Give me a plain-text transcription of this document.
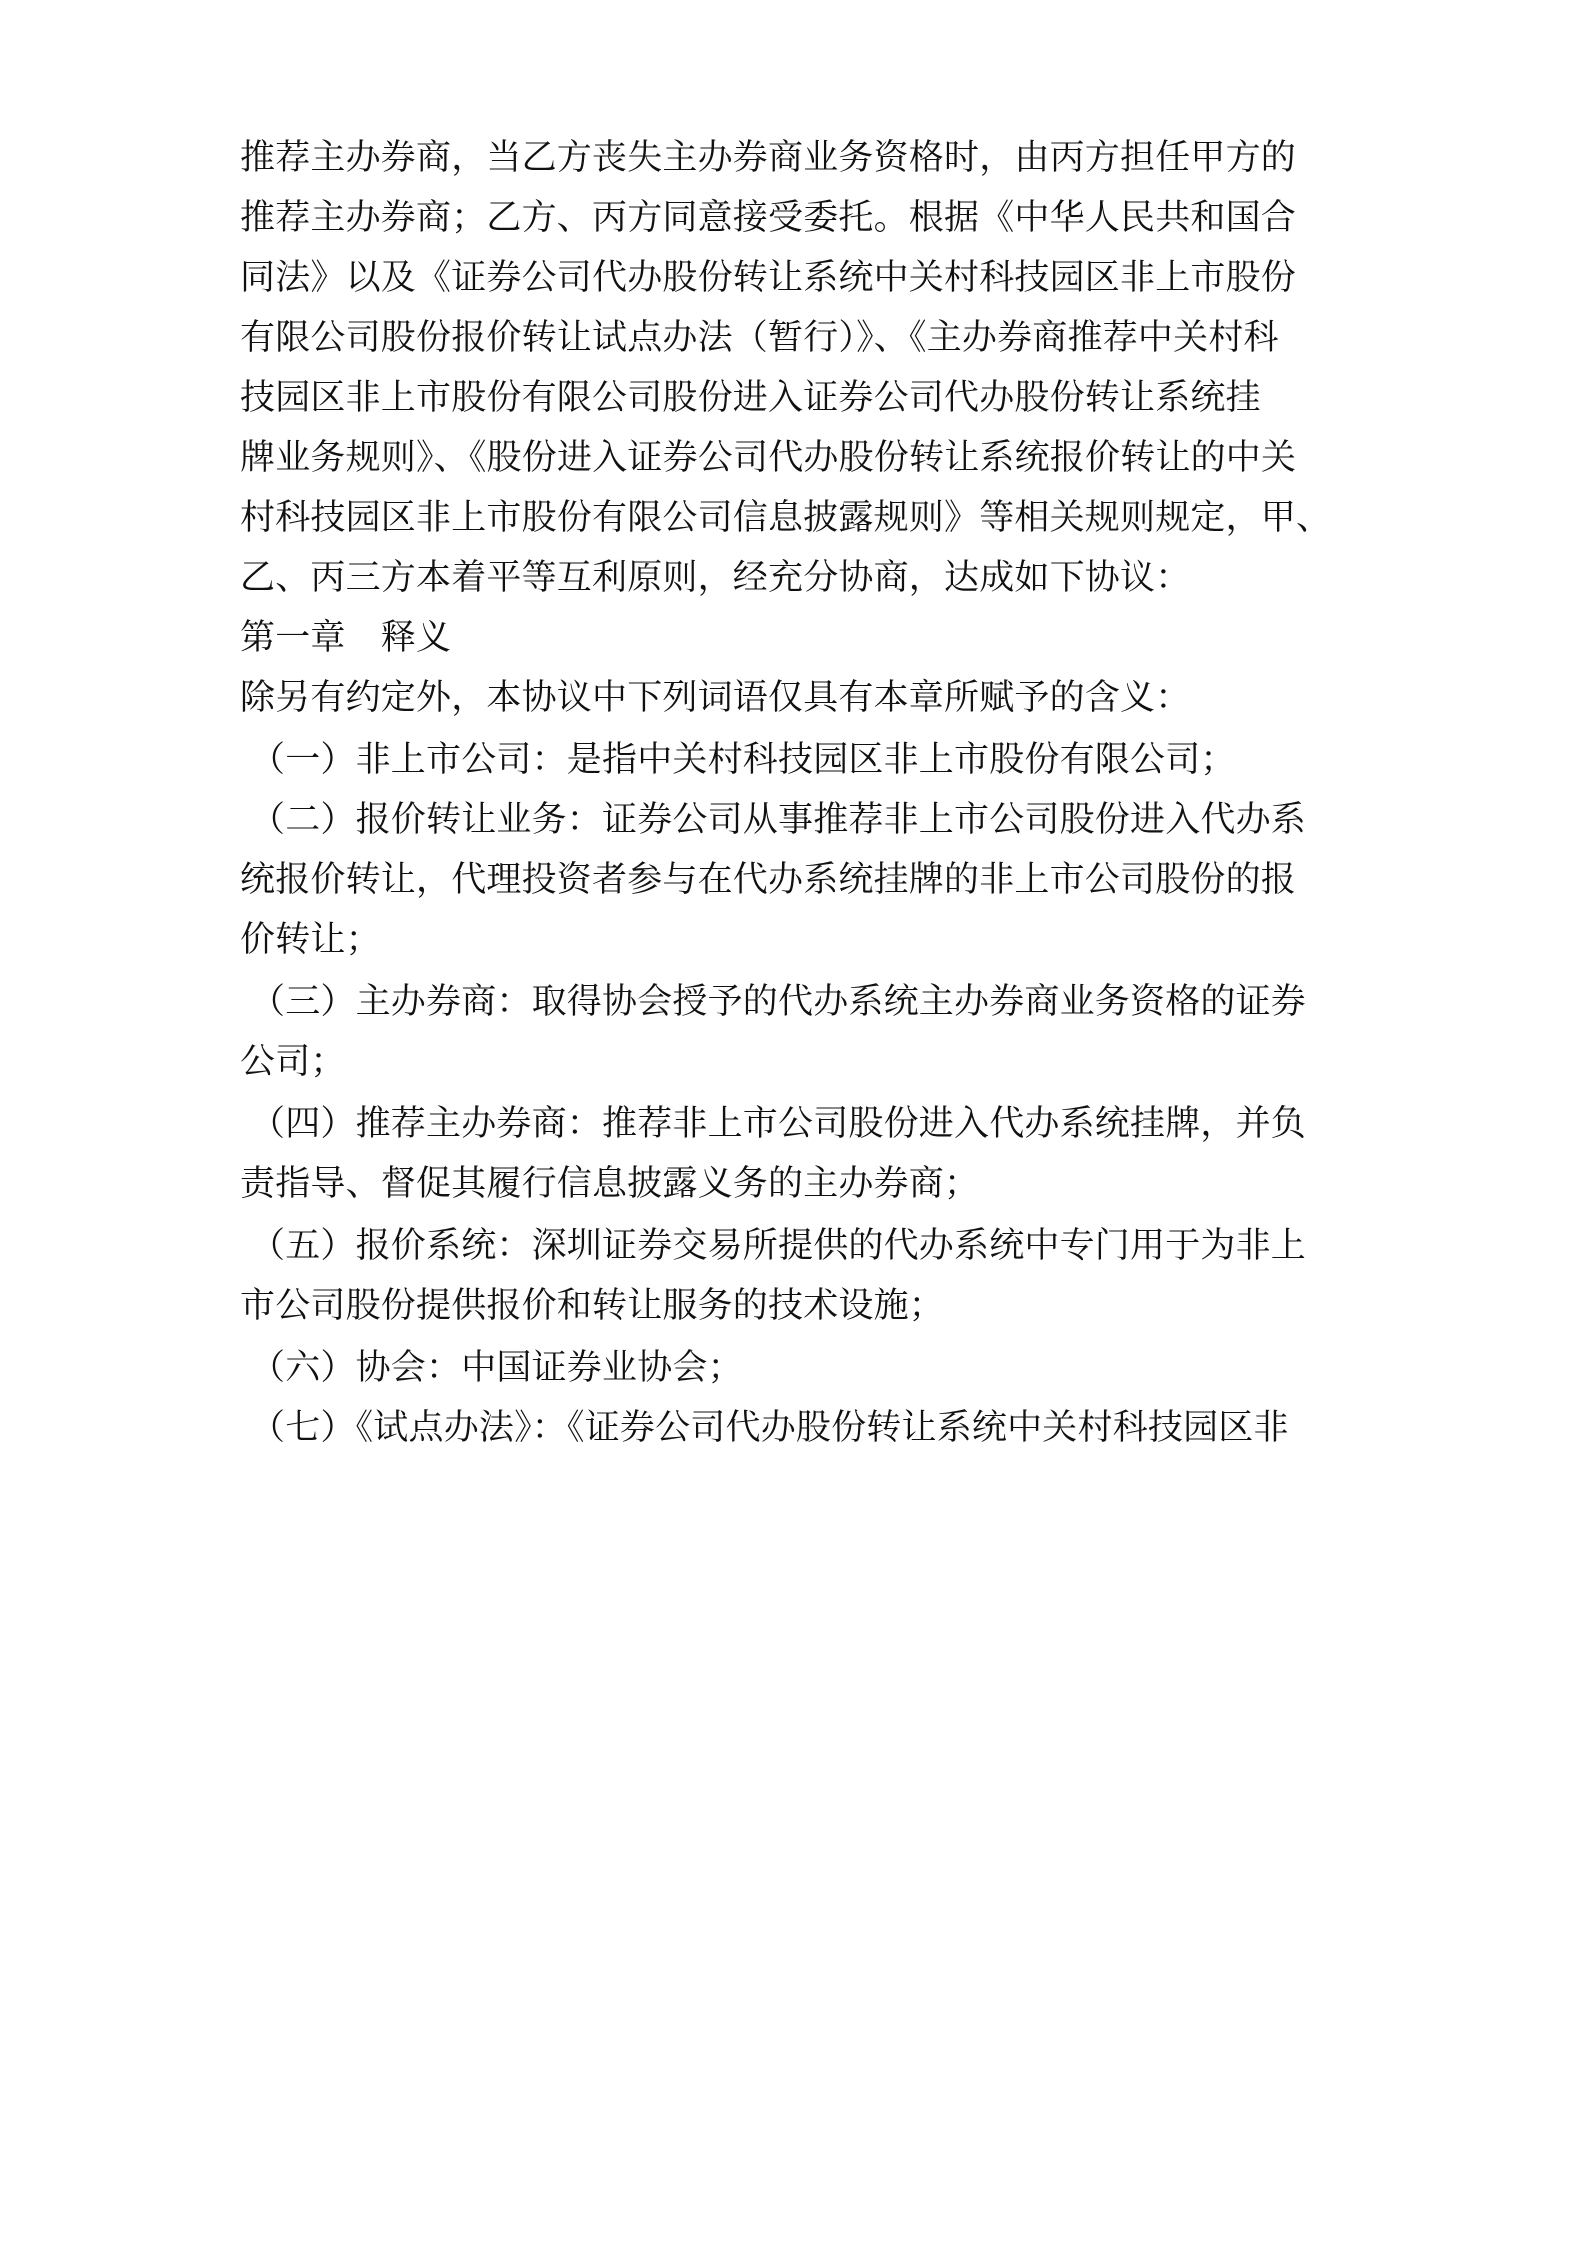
推荐主办券商，当乙方丧失主办券商业务资格时，由丙方担任甲方的
推荐主办券商；乙方、丙方同意接受委托。根据《中华人民共和国合
同法》以及《证券公司代办股份转让系统中关村科技园区非上市股份
有限公司股份报价转让试点办法（暂行）》、《主办券商推荐中关村科
技园区非上市股份有限公司股份进入证券公司代办股份转让系统挂
牌业务规则》、《股份进入证券公司代办股份转让系统报价转让的中关
村科技园区非上市股份有限公司信息披露规则》等相关规则规定，甲、
乙、丙三方本着平等互利原则，经充分协商，达成如下协议：
第一章　释义
除另有约定外，本协议中下列词语仅具有本章所赋予的含义：
（一）非上市公司：是指中关村科技园区非上市股份有限公司；
（二）报价转让业务：证券公司从事推荐非上市公司股份进入代办系
统报价转让，代理投资者参与在代办系统挂牌的非上市公司股份的报
价转让；
（三）主办券商：取得协会授予的代办系统主办券商业务资格的证券
公司；
（四）推荐主办券商：推荐非上市公司股份进入代办系统挂牌，并负
责指导、督促其履行信息披露义务的主办券商；
（五）报价系统：深圳证券交易所提供的代办系统中专门用于为非上
市公司股份提供报价和转让服务的技术设施；
（六）协会：中国证券业协会；
（七）《试点办法》：《证券公司代办股份转让系统中关村科技园区非
